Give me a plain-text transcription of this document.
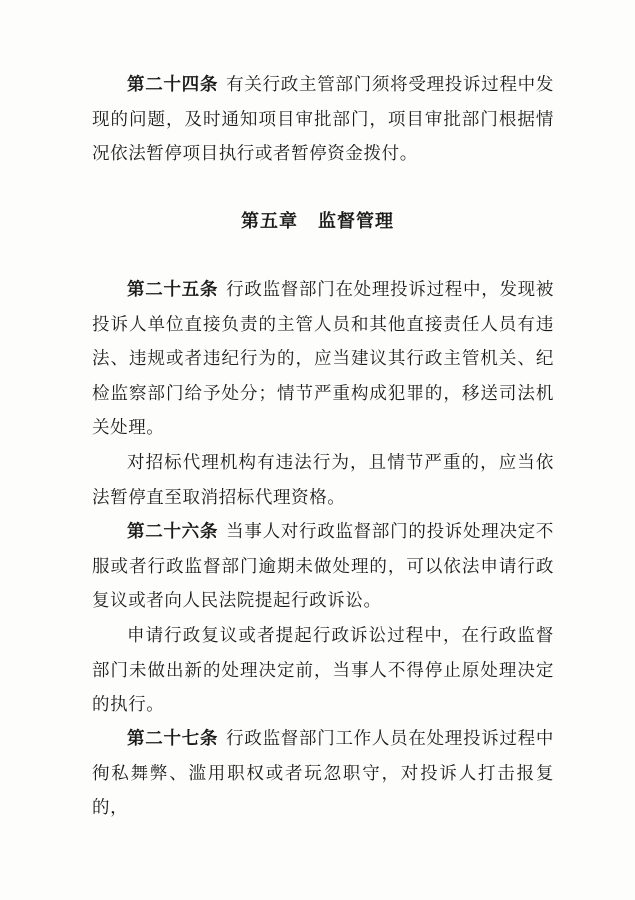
第二十四条 有关行政主管部门须将受理投诉过程中发现的问题，及时通知项目审批部门，项目审批部门根据情况依法暂停项目执行或者暂停资金拨付。

第五章 监督管理

第二十五条 行政监督部门在处理投诉过程中，发现被投诉人单位直接负责的主管人员和其他直接责任人员有违法、违规或者违纪行为的，应当建议其行政主管机关、纪检监察部门给予处分；情节严重构成犯罪的，移送司法机关处理。

对招标代理机构有违法行为，且情节严重的，应当依法暂停直至取消招标代理资格。

第二十六条 当事人对行政监督部门的投诉处理决定不服或者行政监督部门逾期未做处理的，可以依法申请行政复议或者向人民法院提起行政诉讼。

申请行政复议或者提起行政诉讼过程中，在行政监督部门未做出新的处理决定前，当事人不得停止原处理决定的执行。

第二十七条 行政监督部门工作人员在处理投诉过程中徇私舞弊、滥用职权或者玩忽职守，对投诉人打击报复的，
